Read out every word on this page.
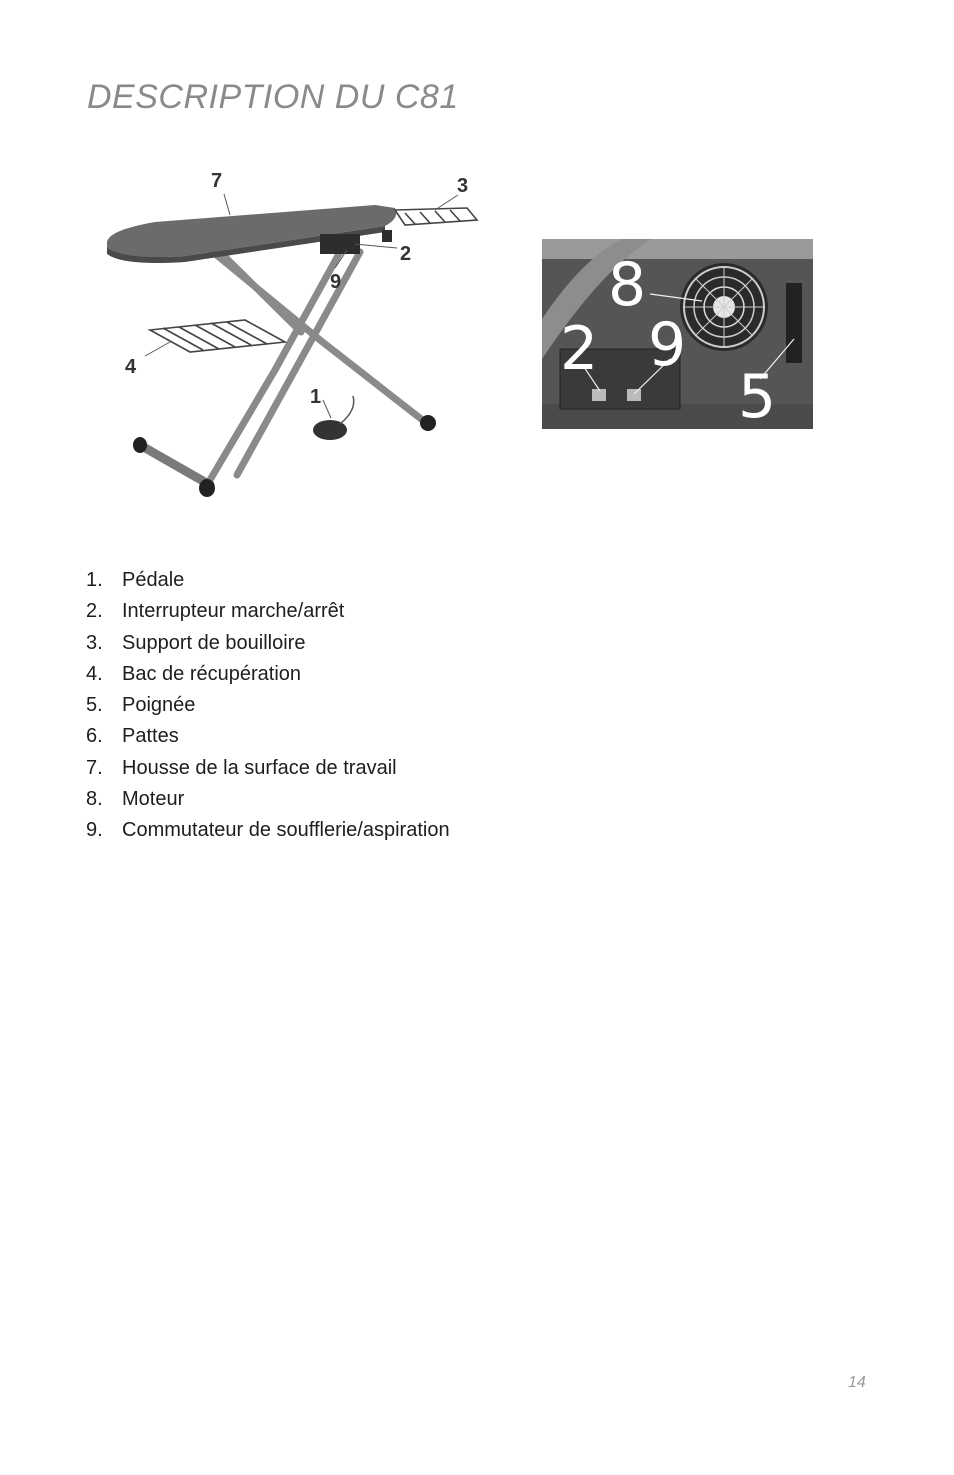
DESCRIPTION DU C81
7	3
2
9
4
1
8
2 9
5
1. Pédale
2. Interrupteur marche/arrêt
3. Support de bouilloire
4. Bac de récupération
5. Poignée
6. Pattes
7. Housse de la surface de travail
8. Moteur
9. Commutateur de soufflerie/aspiration
14
